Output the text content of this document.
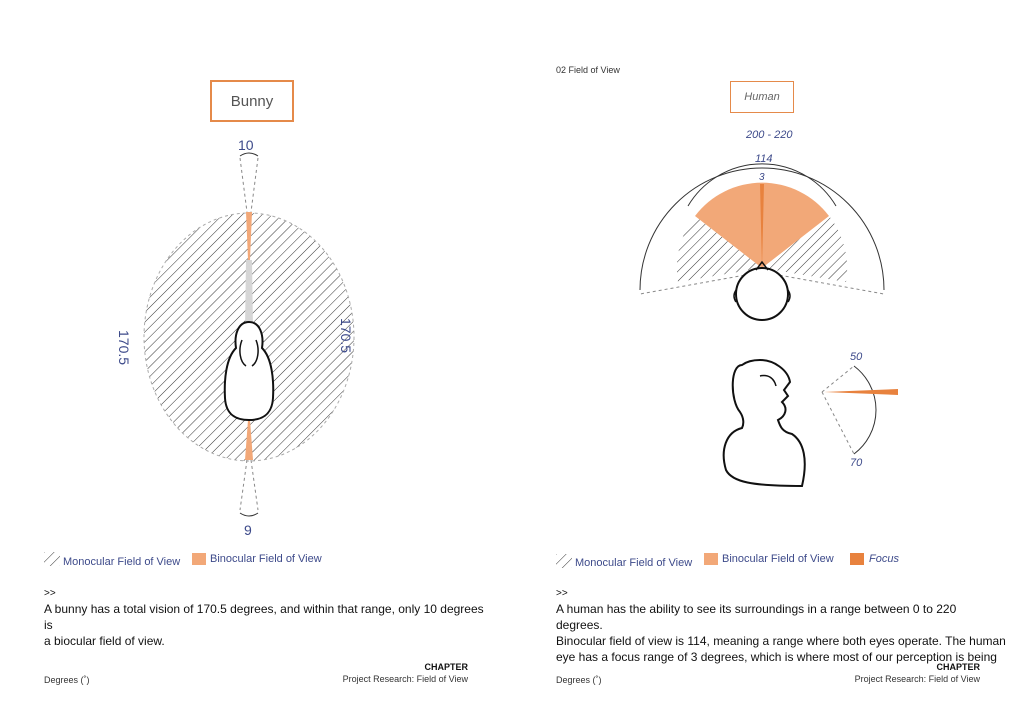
Bunny
10
9
170.5	170.5
Monocular Field of View	Binocular Field of View
>>
A bunny has a total vision of 170.5 degrees, and within that range, only 10 degrees is
a biocular field of view.
Degrees (˚)
CHAPTER
Project Research: Field of View
02 Field of View
Human
200 - 220
114
3
50
70
Monocular Field of View	Binocular Field of View	Focus
>>
A human has the ability to see its surroundings in a range between 0 to 220 degrees.
Binocular field of view is 114, meaning a range where both eyes operate. The human
eye has a focus range of 3 degrees, which is where most of our perception is being
Degrees (˚)
CHAPTER
Project Research: Field of View
